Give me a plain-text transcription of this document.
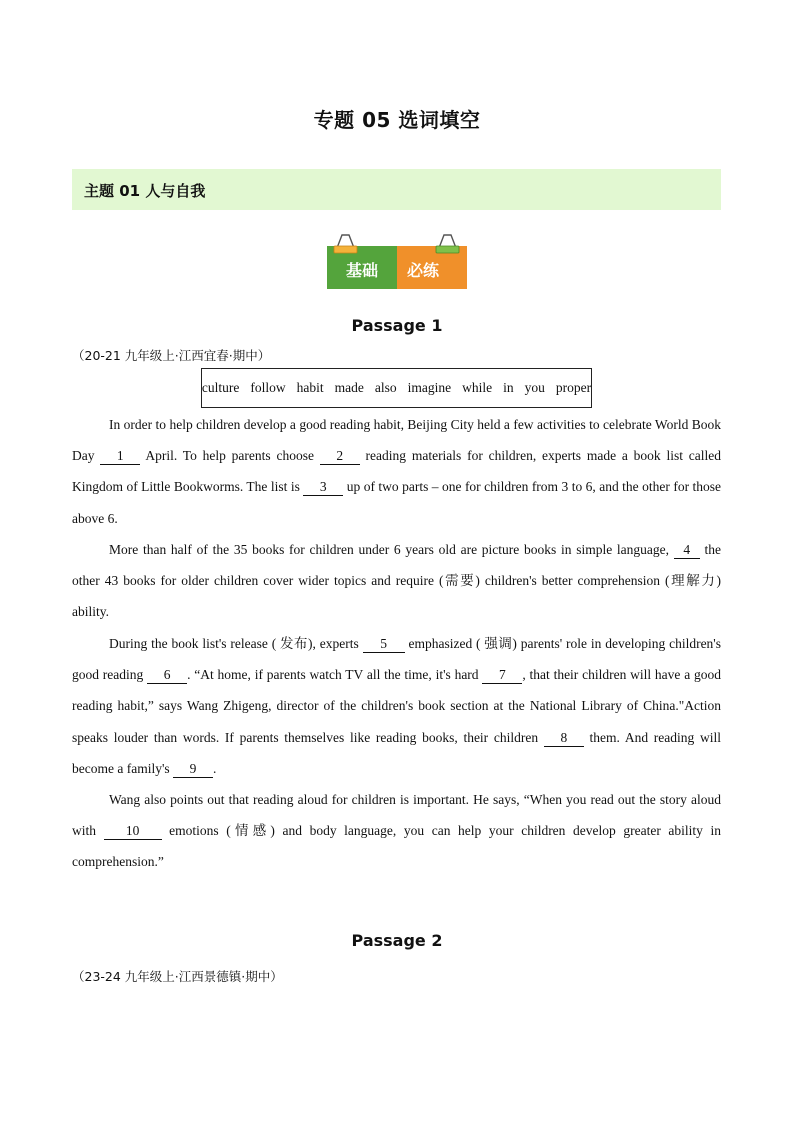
专题 05 选词填空
主题 01 人与自我
基础 必练
Passage 1
（20-21 九年级上·江西宜春·期中）
culture follow habit made also imagine while in you proper

In order to help children develop a good reading habit, Beijing City held a few activities to celebrate World Book Day 1 April. To help parents choose 2 reading materials for children, experts made a book list called Kingdom of Little Bookworms. The list is 3 up of two parts – one for children from 3 to 6, and the other for those above 6.

More than half of the 35 books for children under 6 years old are picture books in simple language, 4 the other 43 books for older children cover wider topics and require (需要) children's better comprehension (理解力) ability.

During the book list's release ( 发布), experts 5 emphasized ( 强调) parents' role in developing children's good reading 6 . “At home, if parents watch TV all the time, it's hard 7 , that their children will have a good reading habit,” says Wang Zhigeng, director of the children's book section at the National Library of China."Action speaks louder than words. If parents themselves like reading books, their children 8 them. And reading will become a family's 9 .

Wang also points out that reading aloud for children is important. He says, “When you read out the story aloud with 10 emotions (情感) and body language, you can help your children develop greater ability in comprehension.”

Passage 2
（23-24 九年级上·江西景德镇·期中）
